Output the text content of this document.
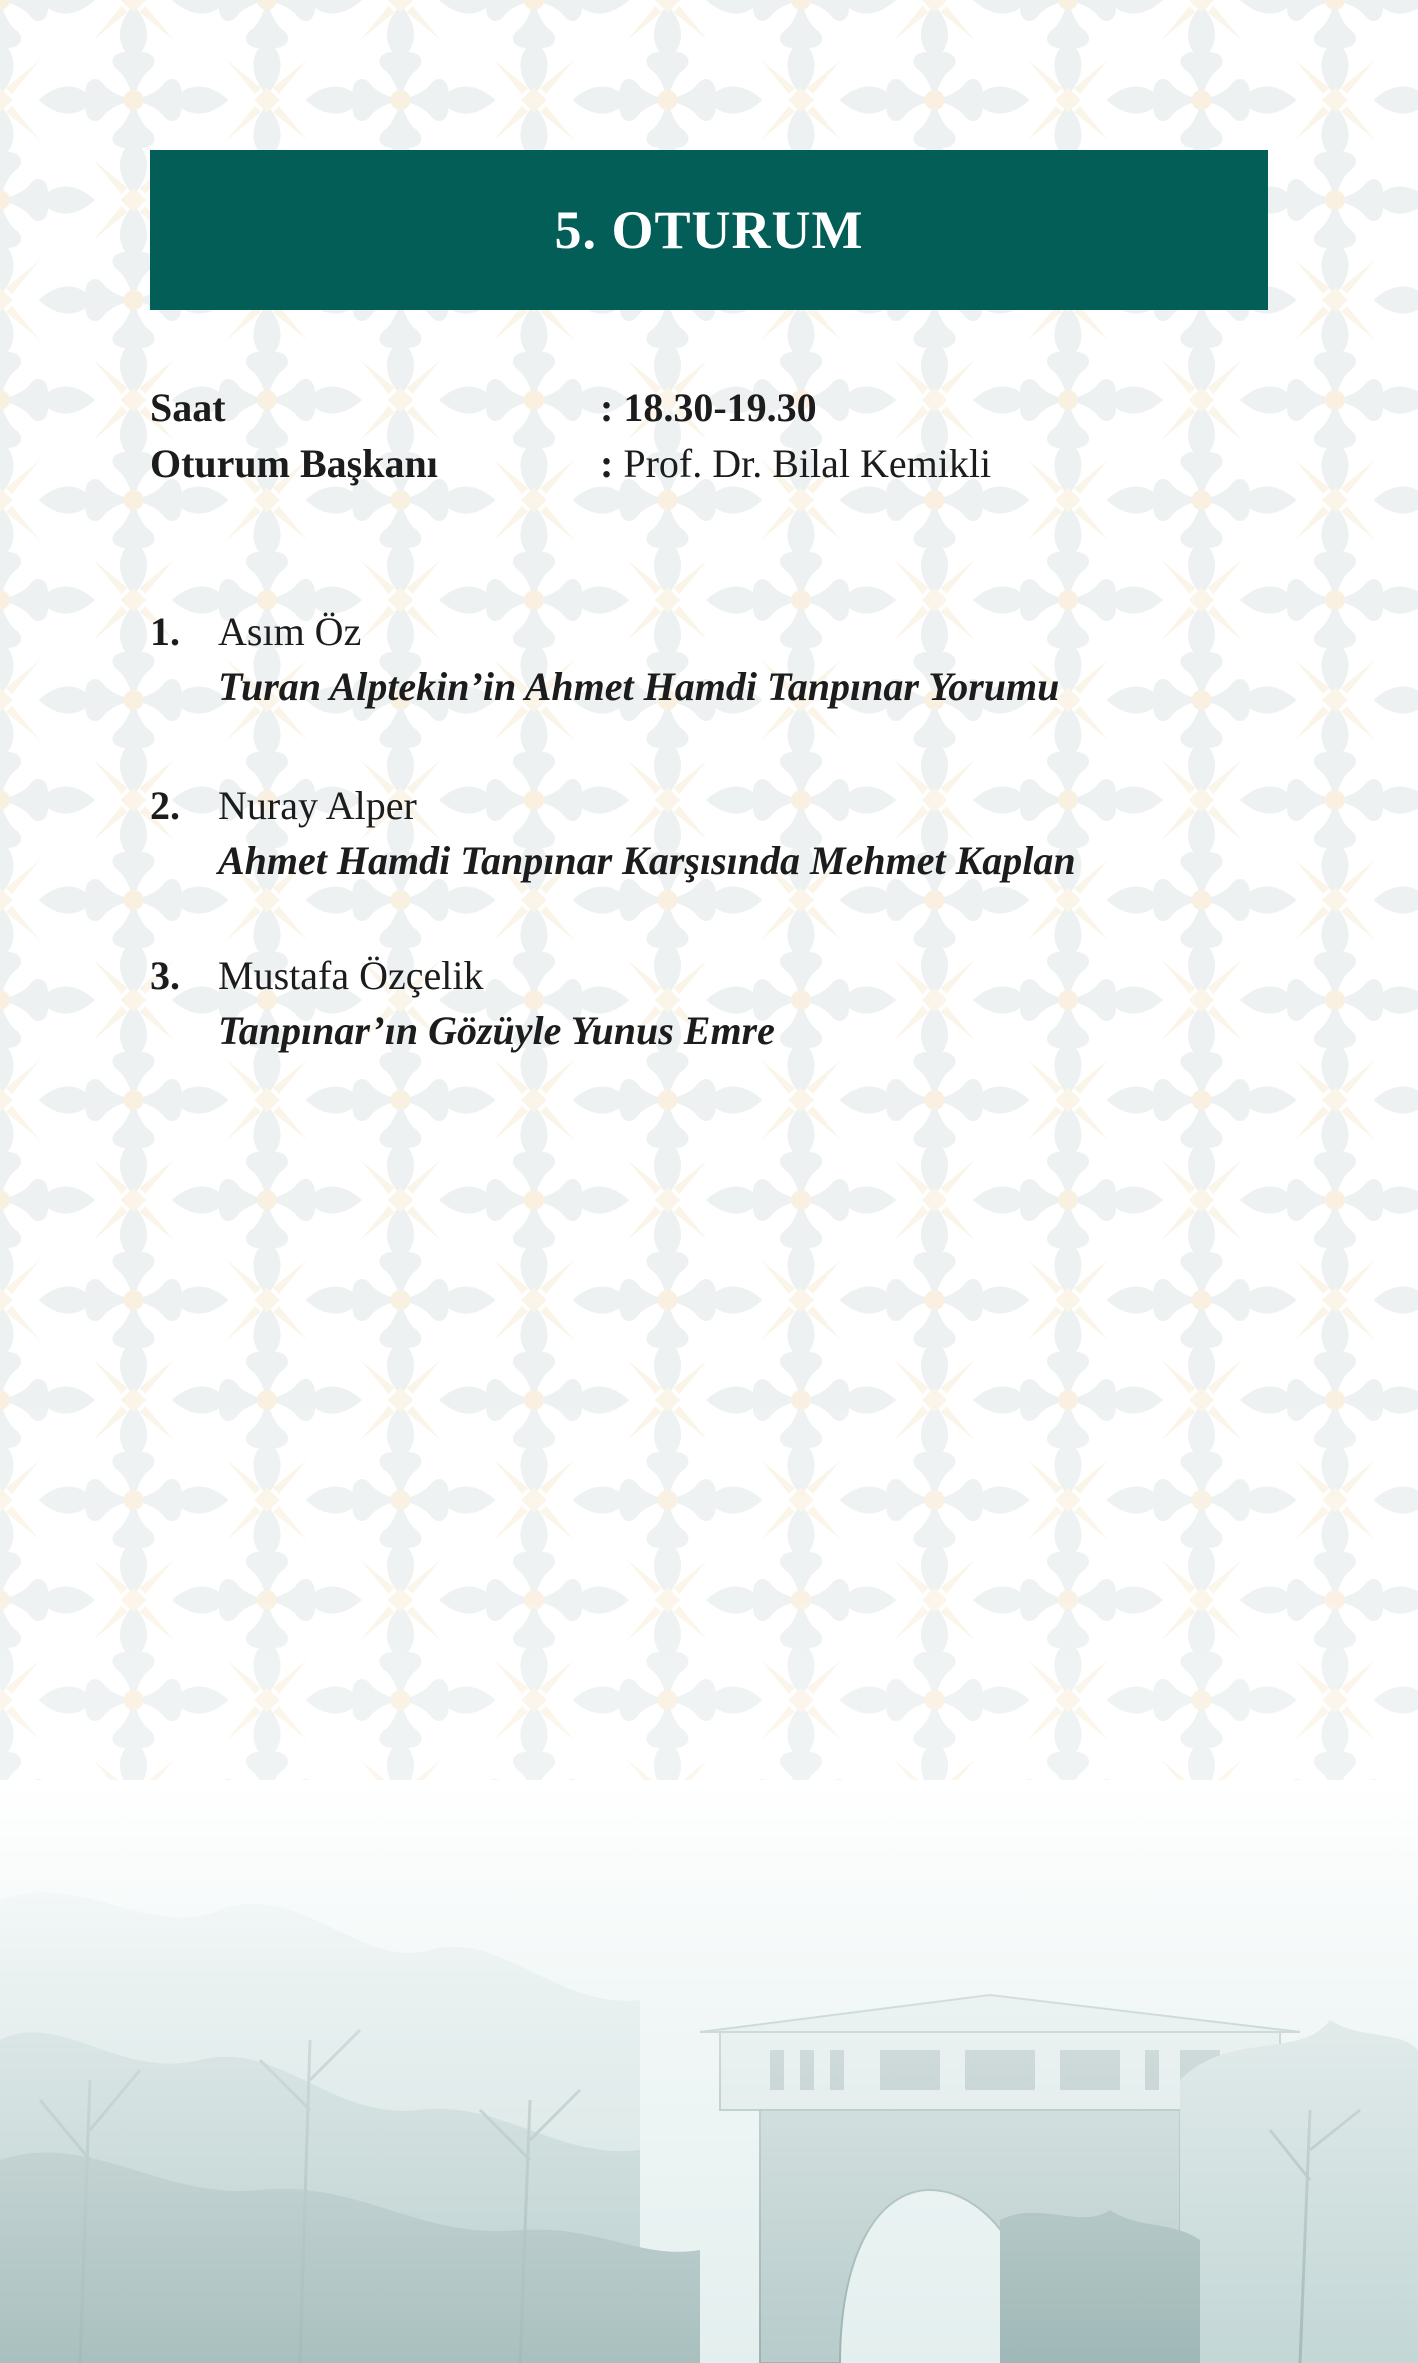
5. OTURUM
Saat	: 18.30-19.30
Oturum Başkanı	: Prof. Dr. Bilal Kemikli
1. Asım Öz
Turan Alptekin’in Ahmet Hamdi Tanpınar Yorumu
2. Nuray Alper
Ahmet Hamdi Tanpınar Karşısında Mehmet Kaplan
3. Mustafa Özçelik
Tanpınar’ın Gözüyle Yunus Emre
